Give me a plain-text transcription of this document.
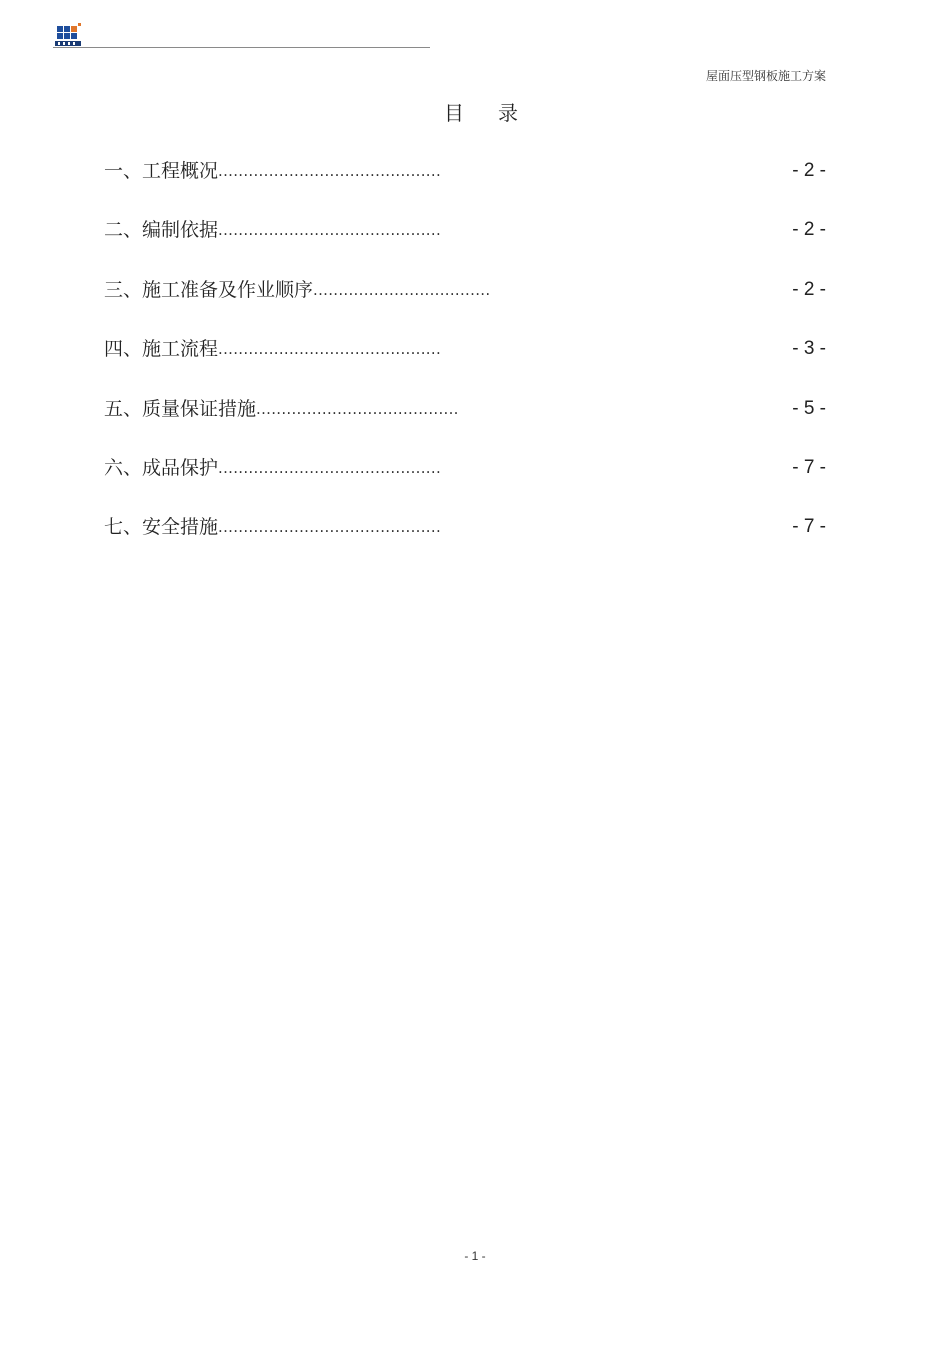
屋面压型钢板施工方案
目 录
一、工程概况............................................	- 2 -
二、编制依据............................................	- 2 -
三、施工准备及作业顺序...................................	- 2 -
四、施工流程............................................	- 3 -
五、质量保证措施........................................	- 5 -
六、成品保护............................................	- 7 -
七、安全措施............................................	- 7 -
- 1 -
